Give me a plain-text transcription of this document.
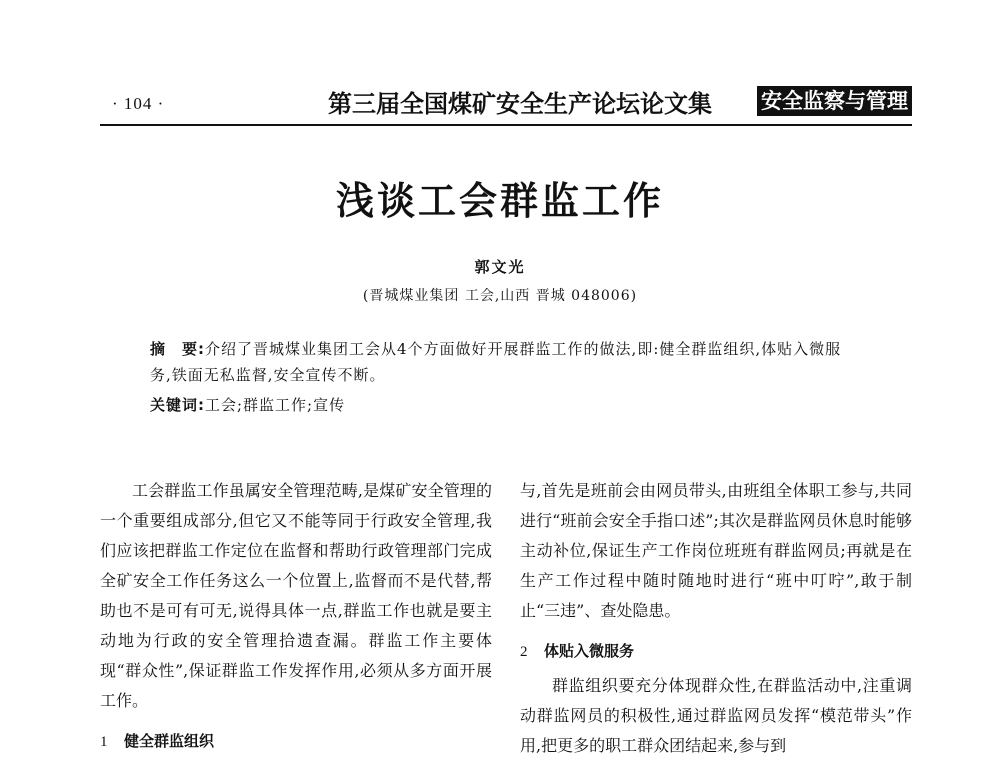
· 104 ·	第三届全国煤矿安全生产论坛论文集 安全监察与管理
浅谈工会群监工作
郭文光
(晋城煤业集团 工会,山西 晋城 048006)
摘　要:介绍了晋城煤业集团工会从4个方面做好开展群监工作的做法,即:健全群监组织,体贴入微服务,铁面无私监督,安全宣传不断。
关键词:工会;群监工作;宣传

工会群监工作虽属安全管理范畴,是煤矿安全管理的一个重要组成部分,但它又不能等同于行政安全管理,我们应该把群监工作定位在监督和帮助行政管理部门完成全矿安全工作任务这么一个位置上,监督而不是代替,帮助也不是可有可无,说得具体一点,群监工作也就是要主动地为行政的安全管理拾遗查漏。群监工作主要体现“群众性”,保证群监工作发挥作用,必须从多方面开展工作。

1 健全群监组织

与,首先是班前会由网员带头,由班组全体职工参与,共同进行“班前会安全手指口述”;其次是群监网员休息时能够主动补位,保证生产工作岗位班班有群监网员;再就是在生产工作过程中随时随地时进行“班中叮咛”,敢于制止“三违”、查处隐患。

2 体贴入微服务

群监组织要充分体现群众性,在群监活动中,注重调动群监网员的积极性,通过群监网员发挥“模范带头”作用,把更多的职工群众团结起来,参与到
